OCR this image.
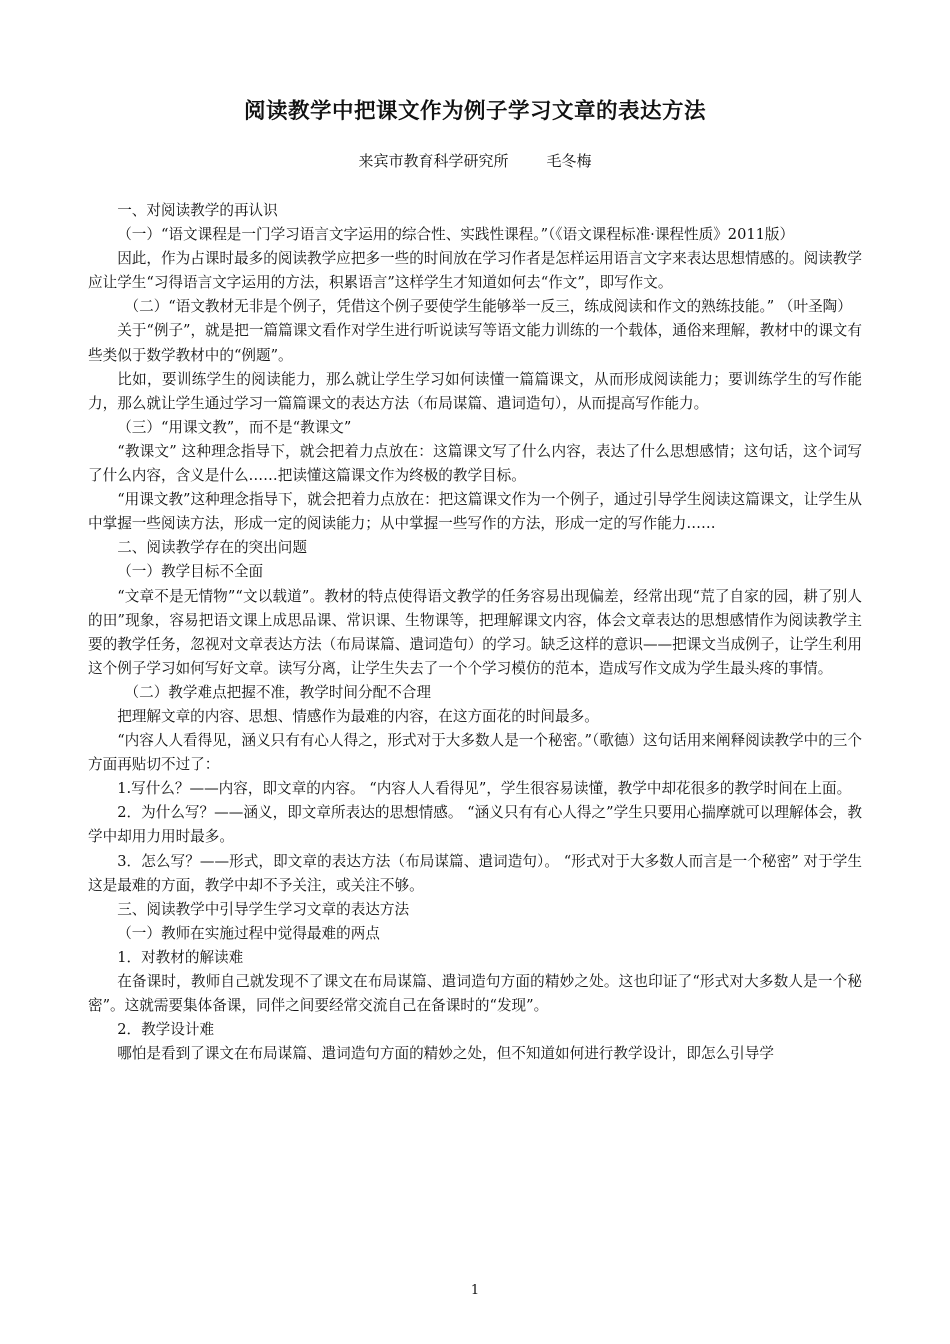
阅读教学中把课文作为例子学习文章的表达方法
来宾市教育科学研究所	毛冬梅

一、对阅读教学的再认识

（一）“语文课程是一门学习语言文字运用的综合性、实践性课程。”（《语文课程标准·课程性质》2011版）

因此，作为占课时最多的阅读教学应把多一些的时间放在学习作者是怎样运用语言文字来表达思想情感的。阅读教学应让学生“习得语言文字运用的方法，积累语言”这样学生才知道如何去“作文”，即写作文。

（二）“语文教材无非是个例子，凭借这个例子要使学生能够举一反三，练成阅读和作文的熟练技能。” （叶圣陶）

关于“例子”，就是把一篇篇课文看作对学生进行听说读写等语文能力训练的一个载体，通俗来理解，教材中的课文有些类似于数学教材中的“例题”。

比如，要训练学生的阅读能力，那么就让学生学习如何读懂一篇篇课文，从而形成阅读能力；要训练学生的写作能力，那么就让学生通过学习一篇篇课文的表达方法（布局谋篇、遣词造句），从而提高写作能力。

（三）“用课文教”，而不是“教课文”

“教课文” 这种理念指导下，就会把着力点放在：这篇课文写了什么内容，表达了什么思想感情；这句话，这个词写了什么内容，含义是什么……把读懂这篇课文作为终极的教学目标。

“用课文教”这种理念指导下，就会把着力点放在：把这篇课文作为一个例子，通过引导学生阅读这篇课文，让学生从中掌握一些阅读方法，形成一定的阅读能力；从中掌握一些写作的方法，形成一定的写作能力……

二、阅读教学存在的突出问题

（一）教学目标不全面

“文章不是无情物”“文以载道”。教材的特点使得语文教学的任务容易出现偏差，经常出现“荒了自家的园，耕了别人的田”现象，容易把语文课上成思品课、常识课、生物课等，把理解课文内容，体会文章表达的思想感情作为阅读教学主要的教学任务，忽视对文章表达方法（布局谋篇、遣词造句）的学习。缺乏这样的意识——把课文当成例子，让学生利用这个例子学习如何写好文章。读写分离，让学生失去了一个个学习模仿的范本，造成写作文成为学生最头疼的事情。

（二）教学难点把握不准，教学时间分配不合理

把理解文章的内容、思想、情感作为最难的内容，在这方面花的时间最多。

“内容人人看得见，涵义只有有心人得之，形式对于大多数人是一个秘密。”（歌德）这句话用来阐释阅读教学中的三个方面再贴切不过了：

1.写什么？——内容，即文章的内容。 “内容人人看得见”，学生很容易读懂，教学中却花很多的教学时间在上面。

2．为什么写？——涵义，即文章所表达的思想情感。 “涵义只有有心人得之”学生只要用心揣摩就可以理解体会，教学中却用力用时最多。

3．怎么写？——形式，即文章的表达方法（布局谋篇、遣词造句）。 “形式对于大多数人而言是一个秘密” 对于学生这是最难的方面，教学中却不予关注，或关注不够。

三、阅读教学中引导学生学习文章的表达方法

（一）教师在实施过程中觉得最难的两点

1．对教材的解读难

在备课时，教师自己就发现不了课文在布局谋篇、遣词造句方面的精妙之处。这也印证了“形式对大多数人是一个秘密”。这就需要集体备课，同伴之间要经常交流自己在备课时的“发现”。

2．教学设计难

哪怕是看到了课文在布局谋篇、遣词造句方面的精妙之处，但不知道如何进行教学设计，即怎么引导学

1
